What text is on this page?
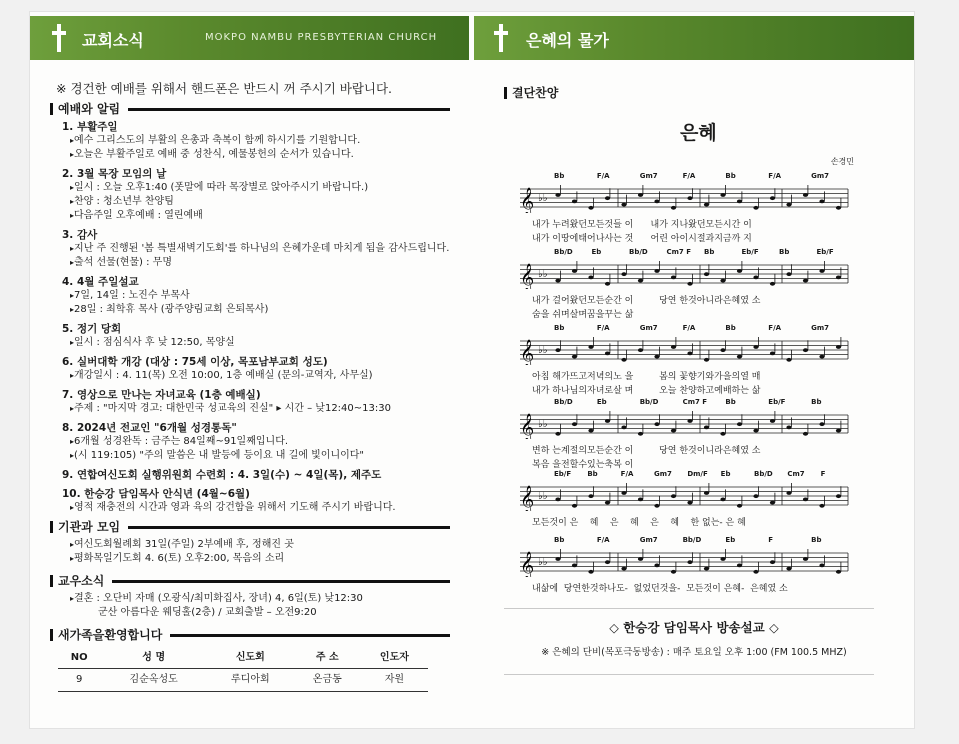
교회소식	MOKPO NAMBU PRESBYTERIAN CHURCH	은혜의 물가
※ 경건한 예배를 위해서 핸드폰은 반드시 꺼 주시기 바랍니다.
예배와 알림
1. 부활주일
▸ 예수 그리스도의 부활의 은총과 축복이 함께 하시기를 기원합니다.
▸ 오늘은 부활주일로 예배 중 성찬식, 예물봉헌의 순서가 있습니다.
2. 3월 목장 모임의 날
▸ 일시 : 오늘 오후1:40 (폿말에 따라 목장별로 앉아주시기 바랍니다.)
▸ 찬양 : 청소년부 찬양팀
▸ 다음주일 오후예배 : 열린예배
3. 감사
▸ 지난 주 진행된 '봄 특별새벽기도회'를 하나님의 은혜가운데 마치게 됨을 감사드립니다.
▸ 출석 선물(현물) : 무명
4. 4월 주일설교
▸ 7일, 14일 : 노진수 부목사
▸ 28일 : 최학휴 목사 (광주양림교회 은퇴목사)
5. 정기 당회
▸ 일시 : 점심식사 후 낮 12:50, 목양실
6. 실버대학 개강 (대상 : 75세 이상, 목포남부교회 성도)
▸ 개강일시 : 4. 11(목) 오전 10:00, 1층 예배실 (문의-교역자, 사무실)
7. 영상으로 만나는 자녀교육 (1층 예배실)
▸ 주제 : "마지막 경고: 대한민국 성교육의 진실" ▸ 시간 – 낮12:40~13:30
8. 2024년 전교인 "6개월 성경통독"
▸ 6개월 성경완독 : 금주는 84일째~91일째입니다.
▸ (시 119:105) "주의 말씀은 내 발등에 등이요 내 길에 빛이니이다"
9. 연합여신도회 실행위원회 수련회 : 4. 3일(수) ~ 4일(목), 제주도
10. 한승강 담임목사 안식년 (4월~6월)
▸ 영적 재충전의 시간과 영과 육의 강건함을 위해서 기도해 주시기 바랍니다.
기관과 모임
▸ 여신도회월례회 31일(주일) 2부예배 후, 정해진 곳
▸ 평화목일기도회 4. 6(토) 오후2:00, 목음의 소리
교우소식
▸ 결혼 : 오단비 자매 (오광식/최미화집사, 장녀) 4, 6일(토) 낮12:30
군산 아름다운 웨딩홀(2층) / 교회출발 – 오전9:20
새가족을환영합니다
NO	성 명	신도회	주 소	인도자
9	김순옥성도	루디아회	온금동	자원
결단찬양
은혜
손경민
Bb	F/A	Gm7	F/A	Bb	F/A	Gm7
𝄞 ♭♭
내가 누려왔던모든것들 이      내가 지나왔던모든시간 이
내가 이땅에태어나사는 것      어린 아이시절과지금까 지
Bb/D	Eb	Bb/D	Cm7 F Bb	Eb/F	Bb	Eb/F
𝄞 ♭♭
내가 걸어왔던모든순간 이         당연 한것아니라은혜였 소
숨을 쉬며살며꿈을꾸는 삶
Bb	F/A	Gm7	F/A	Bb	F/A	Gm7
𝄞 ♭♭
아침 해가뜨고저녁의노 을         봄의 꽃향기와가을의열 매
내가 하나님의자녀로살 며         오늘 찬양하고예배하는 삶
Bb/D	Eb	Bb/D	Cm7 F	Bb	Eb/F	Bb
𝄞 ♭♭
변하 는계절의모든순간 이         당연 한것이니라은혜였 소
복음 을전할수있는축복 이
Eb/F Bb	F/A	Gm7 Dm/F Eb	Bb/D Cm7 F
𝄞 ♭♭
모든것이 은    혜    은    혜    은    혜    한 없는- 은 혜
Bb	F/A	Gm7	Bb/D	Eb	F	Bb
𝄞 ♭♭
내삶에  당연한것하나도-  없었던것을-  모든것이 은혜-  은혜였 소
◇ 한승강 담임목사 방송설교 ◇
※ 은혜의 단비(목포극동방송) : 매주 토요일 오후 1:00 (FM 100.5 MHZ)
